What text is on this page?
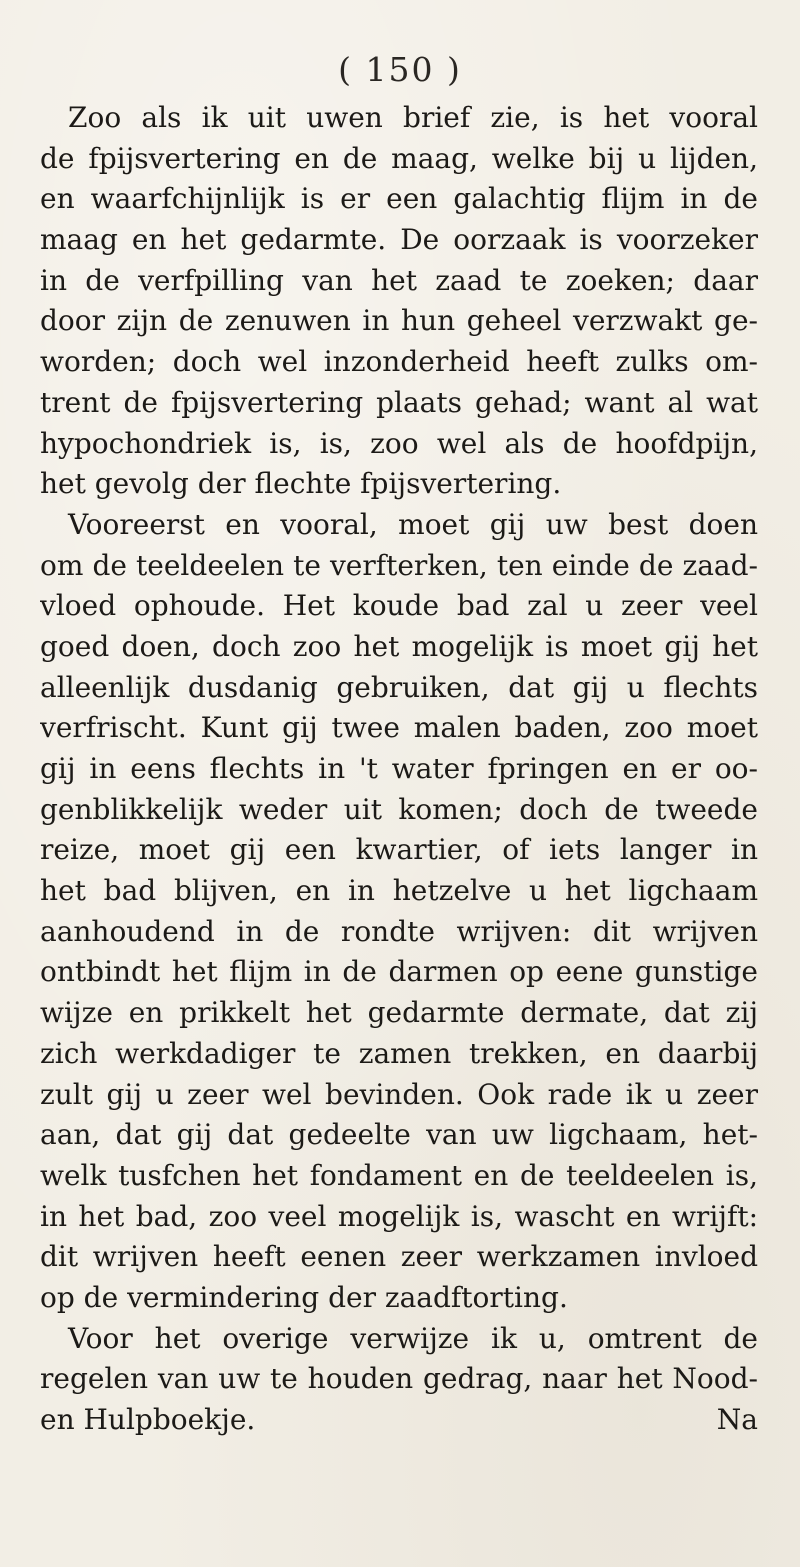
( 150 )
Zoo als ik uit uwen brief zie, is het vooral
de fpijsvertering en de maag, welke bij u lijden,
en waarfchijnlijk is er een galachtig flijm in de
maag en het gedarmte. De oorzaak is voorzeker
in de verfpilling van het zaad te zoeken; daar
door zijn de zenuwen in hun geheel verzwakt ge-
worden; doch wel inzonderheid heeft zulks om-
trent de fpijsvertering plaats gehad; want al wat
hypochondriek is, is, zoo wel als de hoofdpijn,
het gevolg der flechte fpijsvertering.
Vooreerst en vooral, moet gij uw best doen
om de teeldeelen te verfterken, ten einde de zaad-
vloed ophoude. Het koude bad zal u zeer veel
goed doen, doch zoo het mogelijk is moet gij het
alleenlijk dusdanig gebruiken, dat gij u flechts
verfrischt. Kunt gij twee malen baden, zoo moet
gij in eens flechts in 't water fpringen en er oo-
genblikkelijk weder uit komen; doch de tweede
reize, moet gij een kwartier, of iets langer in
het bad blijven, en in hetzelve u het ligchaam
aanhoudend in de rondte wrijven: dit wrijven
ontbindt het flijm in de darmen op eene gunstige
wijze en prikkelt het gedarmte dermate, dat zij
zich werkdadiger te zamen trekken, en daarbij
zult gij u zeer wel bevinden. Ook rade ik u zeer
aan, dat gij dat gedeelte van uw ligchaam, het-
welk tusfchen het fondament en de teeldeelen is,
in het bad, zoo veel mogelijk is, wascht en wrijft:
dit wrijven heeft eenen zeer werkzamen invloed
op de vermindering der zaadftorting.
Voor het overige verwijze ik u, omtrent de
regelen van uw te houden gedrag, naar het Nood-
en Hulpboekje.	Na
